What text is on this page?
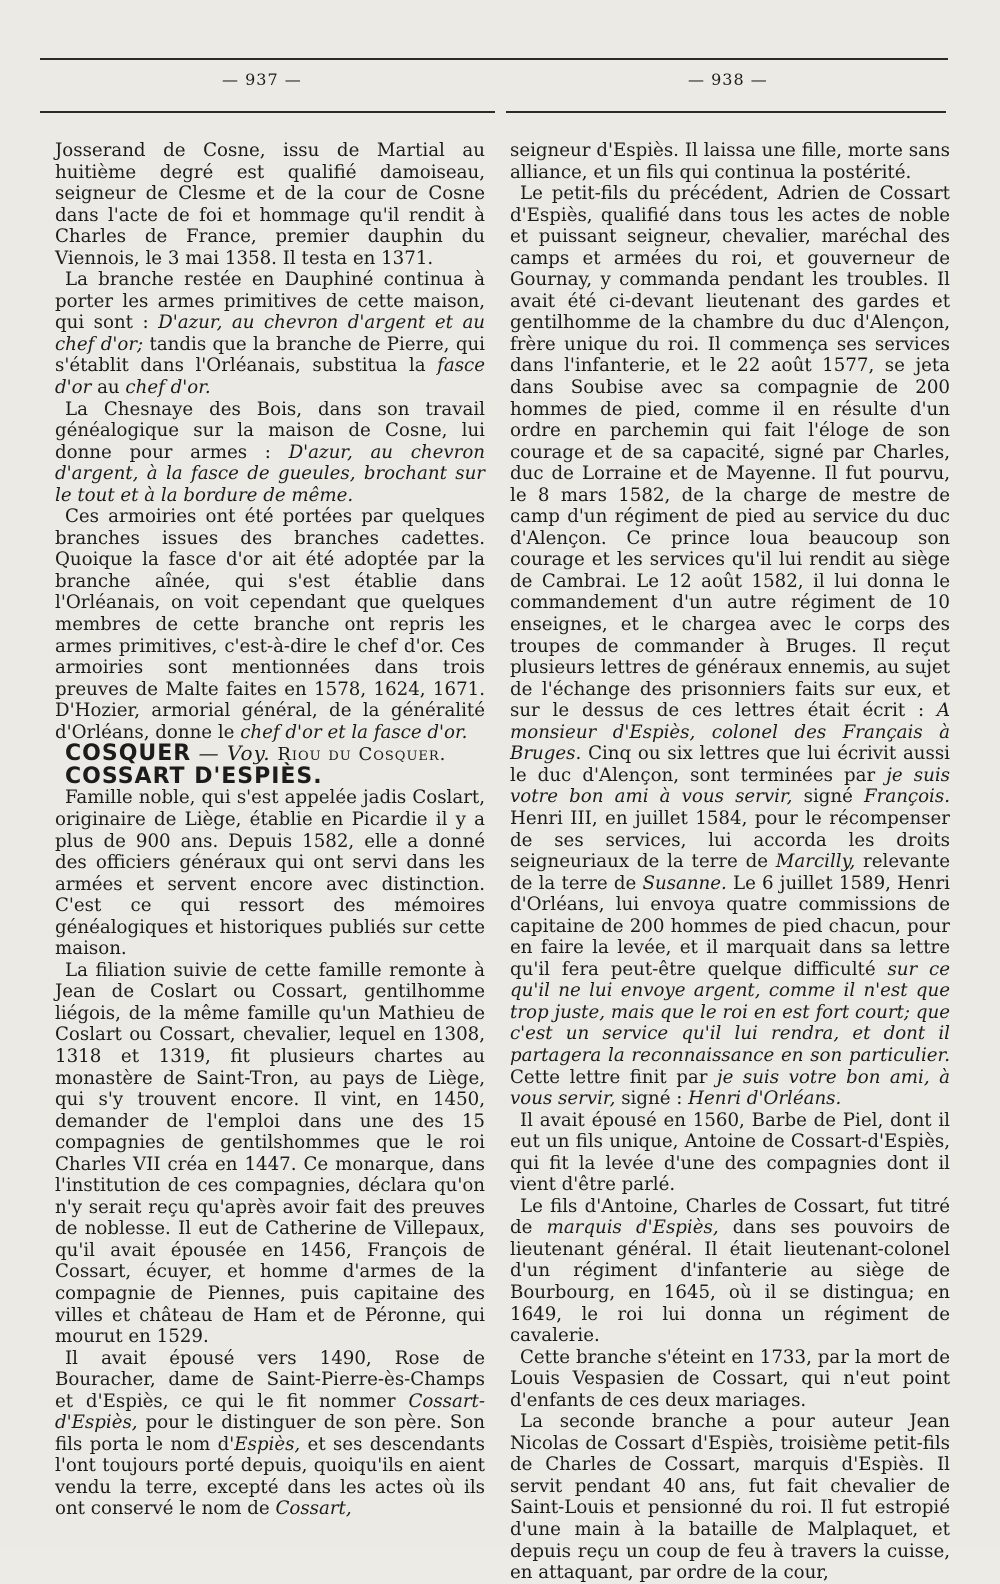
— 937 —	— 938 —

Josserand de Cosne, issu de Martial au huitième degré est qualifié damoiseau, seigneur de Clesme et de la cour de Cosne dans l'acte de foi et hommage qu'il rendit à Charles de France, premier dauphin du Viennois, le 3 mai 1358. Il testa en 1371.

La branche restée en Dauphiné continua à porter les armes primitives de cette maison, qui sont : D'azur, au chevron d'argent et au chef d'or; tandis que la branche de Pierre, qui s'établit dans l'Orléanais, substitua la fasce d'or au chef d'or.

La Chesnaye des Bois, dans son travail généalogique sur la maison de Cosne, lui donne pour armes : D'azur, au chevron d'argent, à la fasce de gueules, brochant sur le tout et à la bordure de même.

Ces armoiries ont été portées par quelques branches issues des branches cadettes. Quoique la fasce d'or ait été adoptée par la branche aînée, qui s'est établie dans l'Orléanais, on voit cependant que quelques membres de cette branche ont repris les armes primitives, c'est-à-dire le chef d'or. Ces armoiries sont mentionnées dans trois preuves de Malte faites en 1578, 1624, 1671. D'Hozier, armorial général, de la généralité d'Orléans, donne le chef d'or et la fasce d'or.

COSQUER — Voy. Riou du Cosquer.

COSSART D'ESPIÈS.

Famille noble, qui s'est appelée jadis Coslart, originaire de Liège, établie en Picardie il y a plus de 900 ans. Depuis 1582, elle a donné des officiers généraux qui ont servi dans les armées et servent encore avec distinction. C'est ce qui ressort des mémoires généalogiques et historiques publiés sur cette maison.

La filiation suivie de cette famille remonte à Jean de Coslart ou Cossart, gentilhomme liégois, de la même famille qu'un Mathieu de Coslart ou Cossart, chevalier, lequel en 1308, 1318 et 1319, fit plusieurs chartes au monastère de Saint-Tron, au pays de Liège, qui s'y trouvent encore. Il vint, en 1450, demander de l'emploi dans une des 15 compagnies de gentilshommes que le roi Charles VII créa en 1447. Ce monarque, dans l'institution de ces compagnies, déclara qu'on n'y serait reçu qu'après avoir fait des preuves de noblesse. Il eut de Catherine de Villepaux, qu'il avait épousée en 1456, François de Cossart, écuyer, et homme d'armes de la compagnie de Piennes, puis capitaine des villes et château de Ham et de Péronne, qui mourut en 1529.

Il avait épousé vers 1490, Rose de Bouracher, dame de Saint-Pierre-ès-Champs et d'Espiès, ce qui le fit nommer Cossart-d'Espiès, pour le distinguer de son père. Son fils porta le nom d'Espiès, et ses descendants l'ont toujours porté depuis, quoiqu'ils en aient vendu la terre, excepté dans les actes où ils ont conservé le nom de Cossart,

seigneur d'Espiès. Il laissa une fille, morte sans alliance, et un fils qui continua la postérité.

Le petit-fils du précédent, Adrien de Cossart d'Espiès, qualifié dans tous les actes de noble et puissant seigneur, chevalier, maréchal des camps et armées du roi, et gouverneur de Gournay, y commanda pendant les troubles. Il avait été ci-devant lieutenant des gardes et gentilhomme de la chambre du duc d'Alençon, frère unique du roi. Il commença ses services dans l'infanterie, et le 22 août 1577, se jeta dans Soubise avec sa compagnie de 200 hommes de pied, comme il en résulte d'un ordre en parchemin qui fait l'éloge de son courage et de sa capacité, signé par Charles, duc de Lorraine et de Mayenne. Il fut pourvu, le 8 mars 1582, de la charge de mestre de camp d'un régiment de pied au service du duc d'Alençon. Ce prince loua beaucoup son courage et les services qu'il lui rendit au siège de Cambrai. Le 12 août 1582, il lui donna le commandement d'un autre régiment de 10 enseignes, et le chargea avec le corps des troupes de commander à Bruges. Il reçut plusieurs lettres de généraux ennemis, au sujet de l'échange des prisonniers faits sur eux, et sur le dessus de ces lettres était écrit : A monsieur d'Espiès, colonel des Français à Bruges. Cinq ou six lettres que lui écrivit aussi le duc d'Alençon, sont terminées par je suis votre bon ami à vous servir, signé François. Henri III, en juillet 1584, pour le récompenser de ses services, lui accorda les droits seigneuriaux de la terre de Marcilly, relevante de la terre de Susanne. Le 6 juillet 1589, Henri d'Orléans, lui envoya quatre commissions de capitaine de 200 hommes de pied chacun, pour en faire la levée, et il marquait dans sa lettre qu'il fera peut-être quelque difficulté sur ce qu'il ne lui envoye argent, comme il n'est que trop juste, mais que le roi en est fort court; que c'est un service qu'il lui rendra, et dont il partagera la reconnaissance en son particulier. Cette lettre finit par je suis votre bon ami, à vous servir, signé : Henri d'Orléans.

Il avait épousé en 1560, Barbe de Piel, dont il eut un fils unique, Antoine de Cossart-d'Espiès, qui fit la levée d'une des compagnies dont il vient d'être parlé.

Le fils d'Antoine, Charles de Cossart, fut titré de marquis d'Espiès, dans ses pouvoirs de lieutenant général. Il était lieutenant-colonel d'un régiment d'infanterie au siège de Bourbourg, en 1645, où il se distingua; en 1649, le roi lui donna un régiment de cavalerie.

Cette branche s'éteint en 1733, par la mort de Louis Vespasien de Cossart, qui n'eut point d'enfants de ces deux mariages.

La seconde branche a pour auteur Jean Nicolas de Cossart d'Espiès, troisième petit-fils de Charles de Cossart, marquis d'Espiès. Il servit pendant 40 ans, fut fait chevalier de Saint-Louis et pensionné du roi. Il fut estropié d'une main à la bataille de Malplaquet, et depuis reçu un coup de feu à travers la cuisse, en attaquant, par ordre de la cour,
